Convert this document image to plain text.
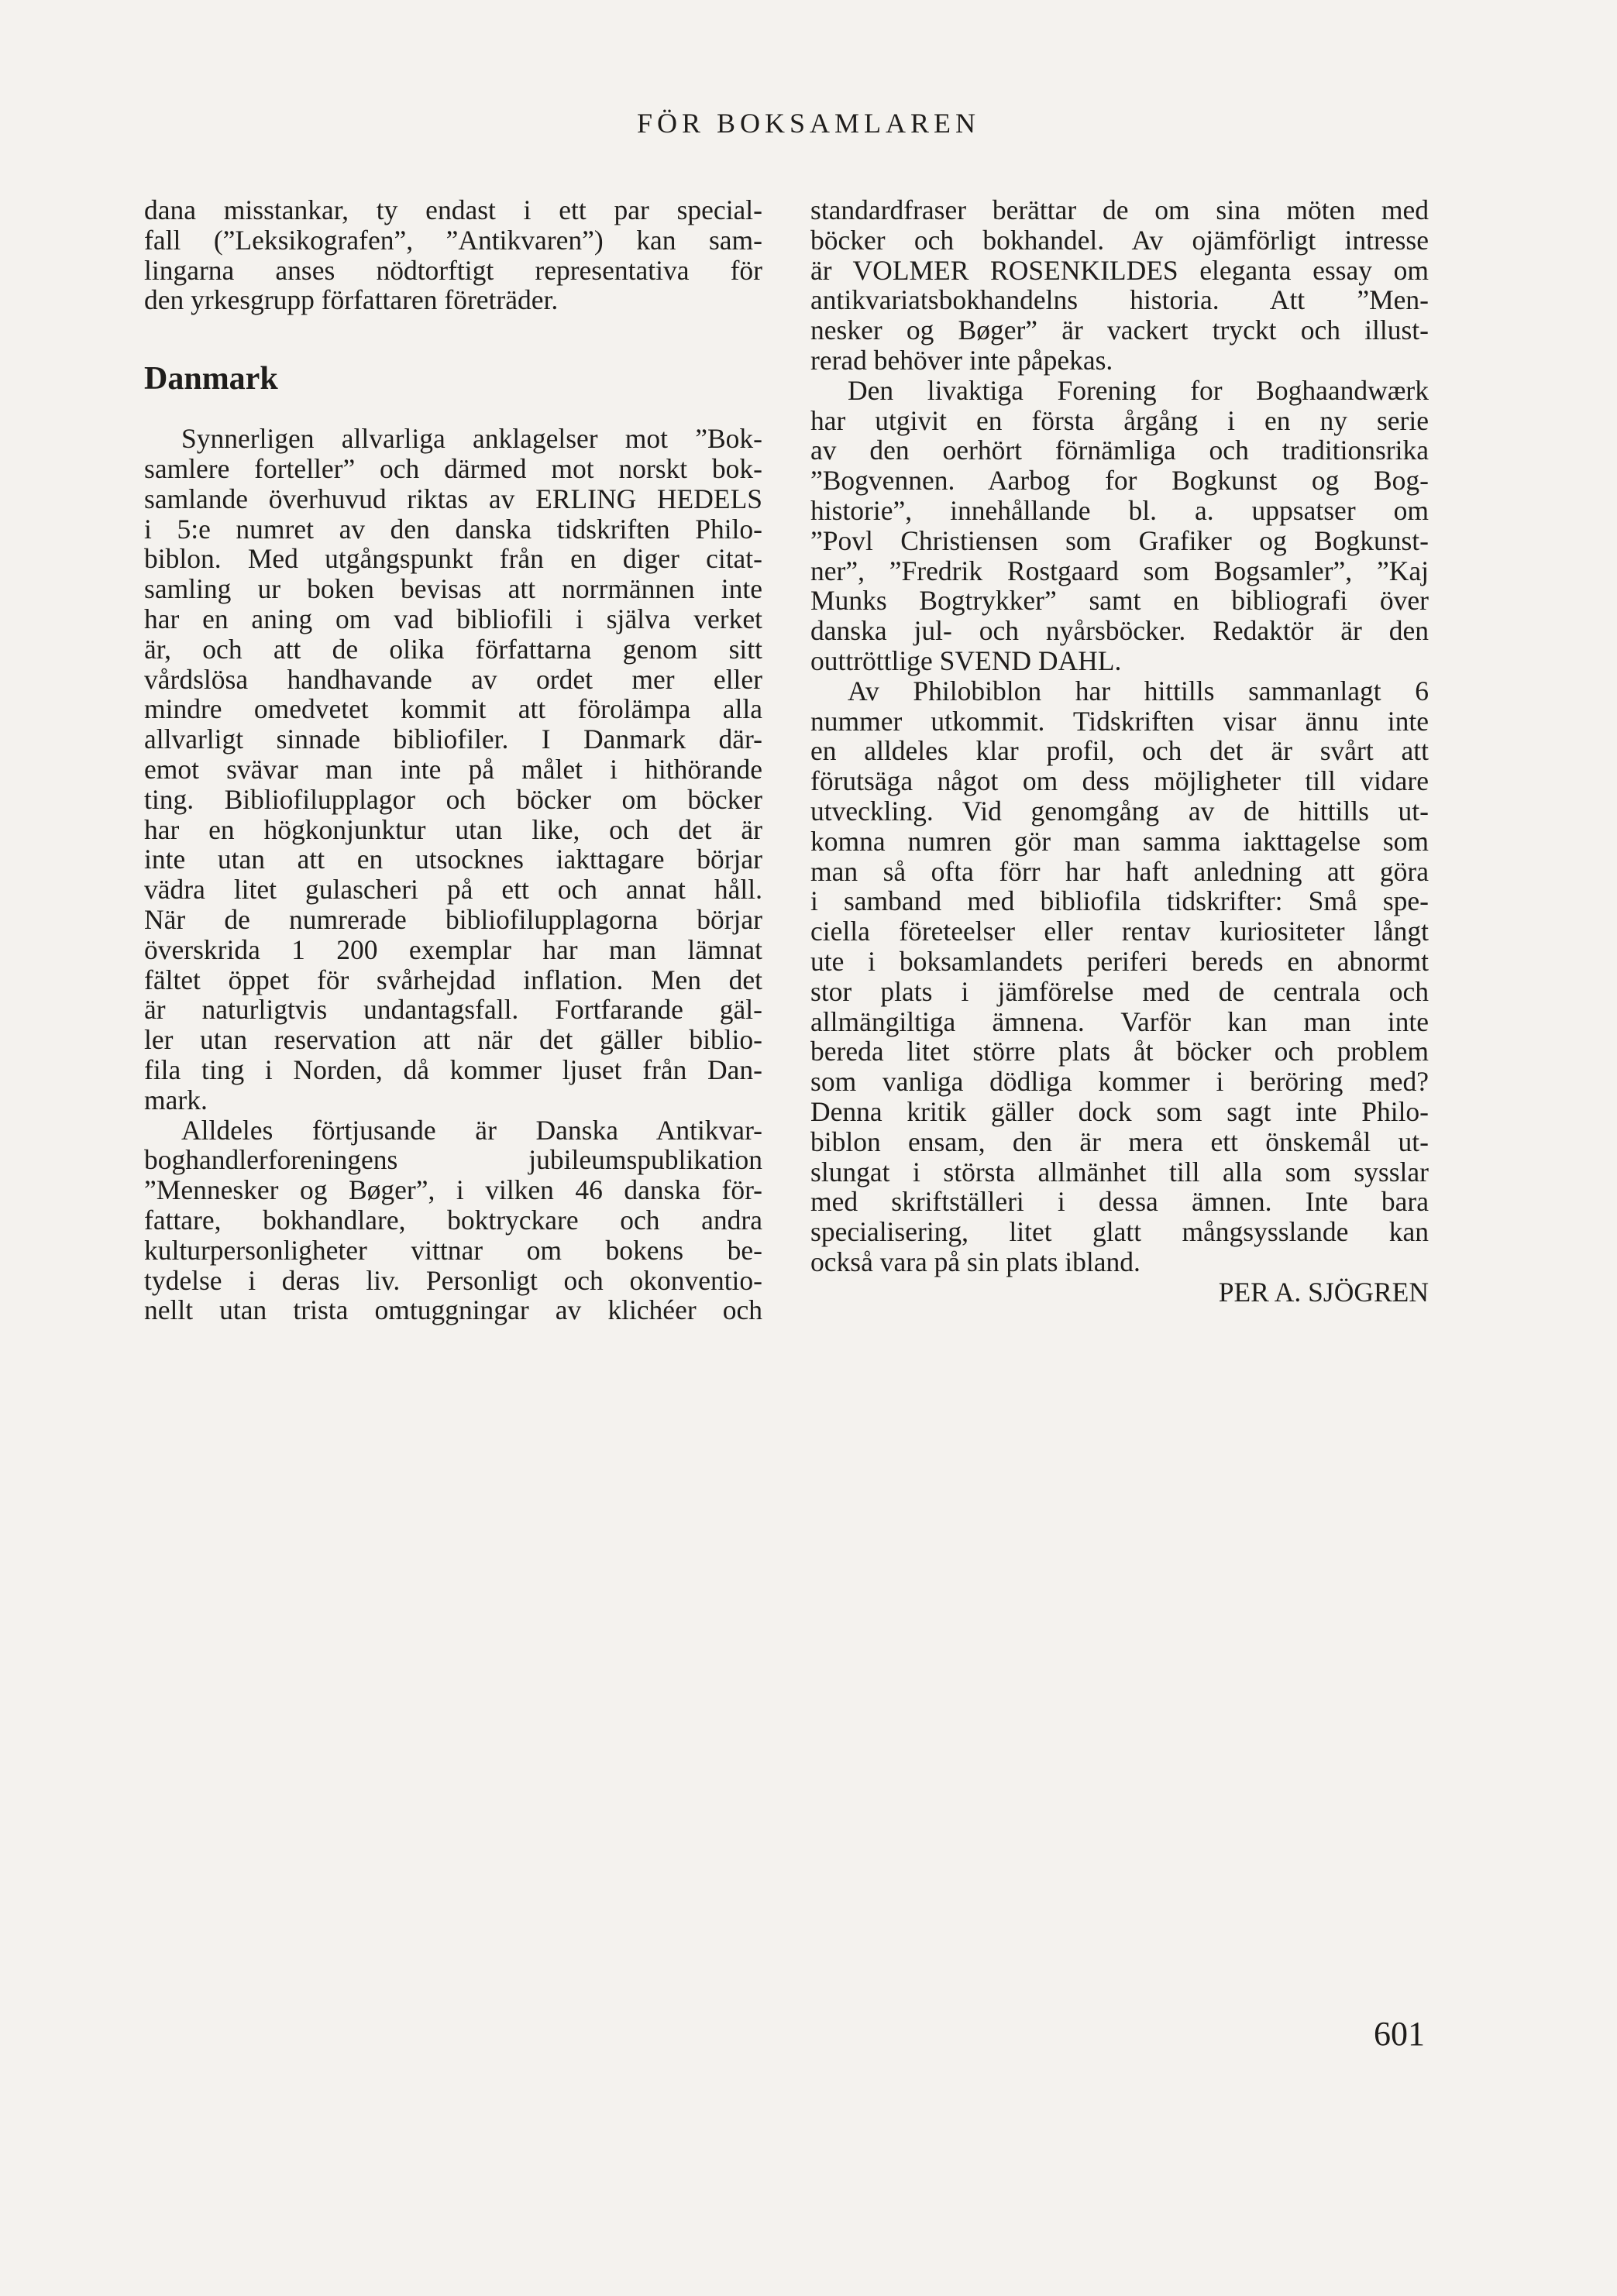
FÖR BOKSAMLAREN
dana misstankar, ty endast i ett par special-
fall (”Leksikografen”, ”Antikvaren”) kan sam-
lingarna anses nödtorftigt representativa för
den yrkesgrupp författaren företräder.
Danmark
Synnerligen allvarliga anklagelser mot ”Bok-
samlere forteller” och därmed mot norskt bok-
samlande överhuvud riktas av ERLING HEDELS
i 5:e numret av den danska tidskriften Philo-
biblon. Med utgångspunkt från en diger citat-
samling ur boken bevisas att norrmännen inte
har en aning om vad bibliofili i själva verket
är, och att de olika författarna genom sitt
vårdslösa handhavande av ordet mer eller
mindre omedvetet kommit att förolämpa alla
allvarligt sinnade bibliofiler. I Danmark där-
emot svävar man inte på målet i hithörande
ting. Bibliofilupplagor och böcker om böcker
har en högkonjunktur utan like, och det är
inte utan att en utsocknes iakttagare börjar
vädra litet gulascheri på ett och annat håll.
När de numrerade bibliofilupplagorna börjar
överskrida 1 200 exemplar har man lämnat
fältet öppet för svårhejdad inflation. Men det
är naturligtvis undantagsfall. Fortfarande gäl-
ler utan reservation att när det gäller biblio-
fila ting i Norden, då kommer ljuset från Dan-
mark.
Alldeles förtjusande är Danska Antikvar-
boghandlerforeningens jubileumspublikation
”Mennesker og Bøger”, i vilken 46 danska för-
fattare, bokhandlare, boktryckare och andra
kulturpersonligheter vittnar om bokens be-
tydelse i deras liv. Personligt och okonventio-
nellt utan trista omtuggningar av klichéer och
standardfraser berättar de om sina möten med
böcker och bokhandel. Av ojämförligt intresse
är VOLMER ROSENKILDES eleganta essay om
antikvariatsbokhandelns historia. Att ”Men-
nesker og Bøger” är vackert tryckt och illust-
rerad behöver inte påpekas.
Den livaktiga Forening for Boghaandwærk
har utgivit en första årgång i en ny serie
av den oerhört förnämliga och traditionsrika
”Bogvennen. Aarbog for Bogkunst og Bog-
historie”, innehållande bl. a. uppsatser om
”Povl Christiensen som Grafiker og Bogkunst-
ner”, ”Fredrik Rostgaard som Bogsamler”, ”Kaj
Munks Bogtrykker” samt en bibliografi över
danska jul- och nyårsböcker. Redaktör är den
outtröttlige SVEND DAHL.
Av Philobiblon har hittills sammanlagt 6
nummer utkommit. Tidskriften visar ännu inte
en alldeles klar profil, och det är svårt att
förutsäga något om dess möjligheter till vidare
utveckling. Vid genomgång av de hittills ut-
komna numren gör man samma iakttagelse som
man så ofta förr har haft anledning att göra
i samband med bibliofila tidskrifter: Små spe-
ciella företeelser eller rentav kuriositeter långt
ute i boksamlandets periferi bereds en abnormt
stor plats i jämförelse med de centrala och
allmängiltiga ämnena. Varför kan man inte
bereda litet större plats åt böcker och problem
som vanliga dödliga kommer i beröring med?
Denna kritik gäller dock som sagt inte Philo-
biblon ensam, den är mera ett önskemål ut-
slungat i största allmänhet till alla som sysslar
med skriftställeri i dessa ämnen. Inte bara
specialisering, litet glatt mångsysslande kan
också vara på sin plats ibland.
PER A. SJÖGREN
601
